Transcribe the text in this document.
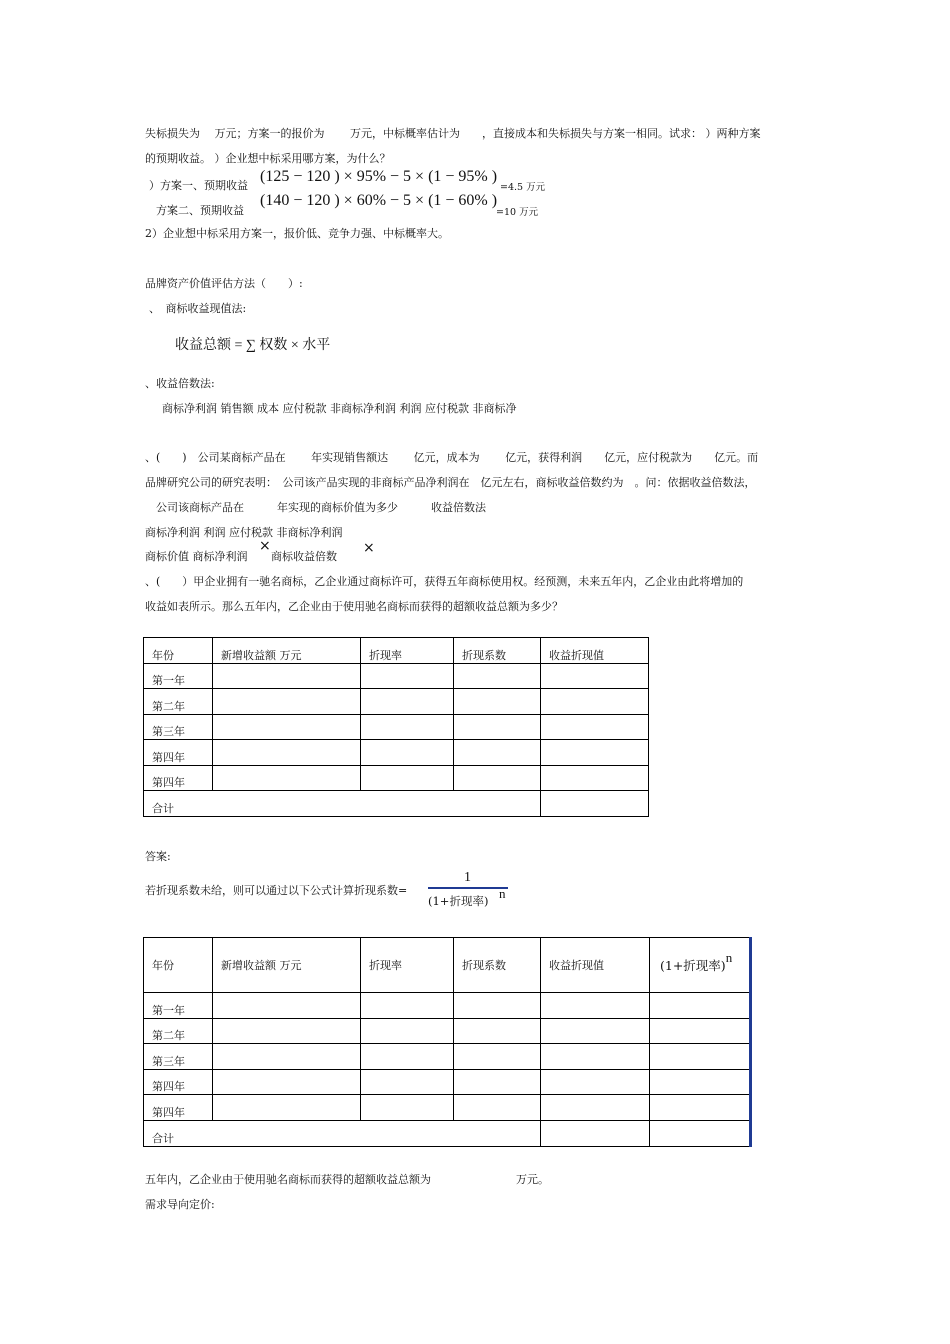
失标损失为　 万元；方案一的报价为　　 万元，中标概率估计为　　，直接成本和失标损失与方案一相同。试求： ）两种方案
的预期收益。 ）企业想中标采用哪方案，为什么？
）方案一、预期收益
(125 − 120 ) × 95% − 5 × (1 − 95% )
=4.5 万元
方案二、预期收益
(140 − 120 ) × 60% − 5 × (1 − 60% )
=10 万元
2）企业想中标采用方案一，报价低、竞争力强、中标概率大。
品牌资产价值评估方法（　　）:
、　商标收益现值法:
收益总额 = ∑ 权数 × 水平
、收益倍数法:
商标净利润 销售额 成本 应付税款 非商标净利润 利润 应付税款 非商标净
、(　　)　公司某商标产品在　　 年实现销售额达　　 亿元，成本为　　 亿元，获得利润　　亿元，应付税款为　　亿元。而
品牌研究公司的研究表明：　公司该产品实现的非商标产品净利润在　亿元左右，商标收益倍数约为　。问：依据收益倍数法，
　公司该商标产品在　　　年实现的商标价值为多少　　　收益倍数法
商标净利润 利润 应付税款 非商标净利润
商标价值 商标净利润
×
商标收益倍数
×
、(　　）甲企业拥有一驰名商标，乙企业通过商标许可，获得五年商标使用权。经预测，未来五年内，乙企业由此将增加的
收益如表所示。那么五年内，乙企业由于使用驰名商标而获得的超额收益总额为多少？
年份	新增收益额 万元	折现率	折现系数	收益折现值
第一年				
第二年				
第三年				
第四年				
第四年				
合计				
答案:
若折现系数未给，则可以通过以下公式计算折现系数=
1
(1+折现率) n
年份	新增收益额 万元	折现率	折现系数	收益折现值	(1+折现率)n
第一年					
第二年					
第三年					
第四年					
第四年					
合计					
五年内，乙企业由于使用驰名商标而获得的超额收益总额为	万元。
需求导向定价:
